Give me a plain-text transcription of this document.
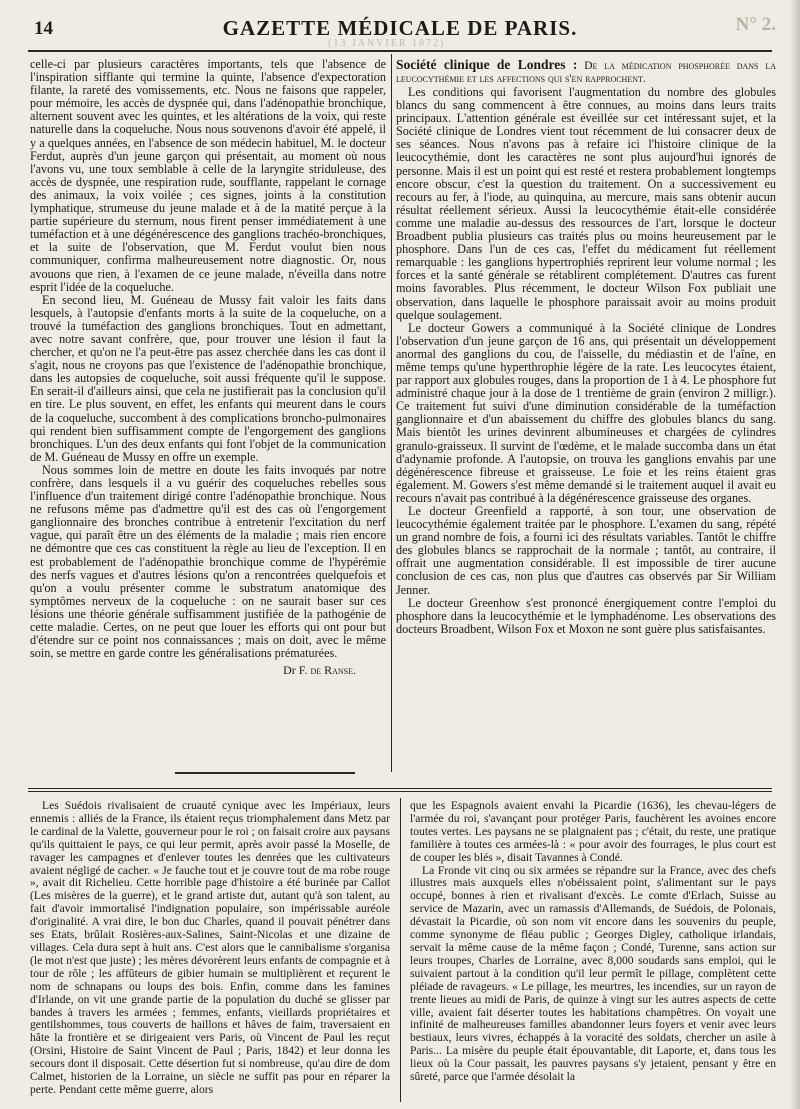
14	GAZETTE MÉDICALE DE PARIS.	N° 2.
(13 JANVIER 1872)

celle-ci par plusieurs caractères importants, tels que l'absence de l'inspiration sifflante qui termine la quinte, l'absence d'expectoration filante, la rareté des vomissements, etc. Nous ne faisons que rappeler, pour mémoire, les accès de dyspnée qui, dans l'adénopathie bronchique, alternent souvent avec les quintes, et les altérations de la voix, qui reste naturelle dans la coqueluche. Nous nous souvenons d'avoir été appelé, il y a quelques années, en l'absence de son médecin habituel, M. le docteur Ferdut, auprès d'un jeune garçon qui présentait, au moment où nous l'avons vu, une toux semblable à celle de la laryngite striduleuse, des accès de dyspnée, une respiration rude, soufflante, rappelant le cornage des animaux, la voix voilée ; ces signes, joints à la constitution lymphatique, strumeuse du jeune malade et à de la matité perçue à la partie supérieure du sternum, nous firent penser immédiatement à une tuméfaction et à une dégénérescence des ganglions trachéo-bronchiques, et la suite de l'observation, que M. Ferdut voulut bien nous communiquer, confirma malheureusement notre diagnostic. Or, nous avouons que rien, à l'examen de ce jeune malade, n'éveilla dans notre esprit l'idée de la coqueluche.

En second lieu, M. Guéneau de Mussy fait valoir les faits dans lesquels, à l'autopsie d'enfants morts à la suite de la coqueluche, on a trouvé la tuméfaction des ganglions bronchiques. Tout en admettant, avec notre savant confrère, que, pour trouver une lésion il faut la chercher, et qu'on ne l'a peut-être pas assez cherchée dans les cas dont il s'agit, nous ne croyons pas que l'existence de l'adénopathie bronchique, dans les autopsies de coqueluche, soit aussi fréquente qu'il le suppose. En serait-il d'ailleurs ainsi, que cela ne justifierait pas la conclusion qu'il en tire. Le plus souvent, en effet, les enfants qui meurent dans le cours de la coqueluche, succombent à des complications broncho-pulmonaires qui rendent bien suffisamment compte de l'engorgement des ganglions bronchiques. L'un des deux enfants qui font l'objet de la communication de M. Guéneau de Mussy en offre un exemple.

Nous sommes loin de mettre en doute les faits invoqués par notre confrère, dans lesquels il a vu guérir des coqueluches rebelles sous l'influence d'un traitement dirigé contre l'adénopathie bronchique. Nous ne refusons même pas d'admettre qu'il est des cas où l'engorgement ganglionnaire des bronches contribue à entretenir l'excitation du nerf vague, qui paraît être un des éléments de la maladie ; mais rien encore ne démontre que ces cas constituent la règle au lieu de l'exception. Il en est probablement de l'adénopathie bronchique comme de l'hypérémie des nerfs vagues et d'autres lésions qu'on a rencontrées quelquefois et qu'on a voulu présenter comme le substratum anatomique des symptômes nerveux de la coqueluche : on ne saurait baser sur ces lésions une théorie générale suffisamment justifiée de la pathogénie de cette maladie. Certes, on ne peut que louer les efforts qui ont pour but d'étendre sur ce point nos connaissances ; mais on doit, avec le même soin, se mettre en garde contre les généralisations prématurées.

Dr F. de Ranse.

Société clinique de Londres : De la médication phosphorée dans la leucocythémie et les affections qui s'en rapprochent.

Les conditions qui favorisent l'augmentation du nombre des globules blancs du sang commencent à être connues, au moins dans leurs traits principaux. L'attention générale est éveillée sur cet intéressant sujet, et la Société clinique de Londres vient tout récemment de lui consacrer deux de ses séances. Nous n'avons pas à refaire ici l'histoire clinique de la leucocythémie, dont les caractères ne sont plus aujourd'hui ignorés de personne. Mais il est un point qui est resté et restera probablement longtemps encore obscur, c'est la question du traitement. On a successivement eu recours au fer, à l'iode, au quinquina, au mercure, mais sans obtenir aucun résultat réellement sérieux. Aussi la leucocythémie était-elle considérée comme une maladie au-dessus des ressources de l'art, lorsque le docteur Broadbent publia plusieurs cas traités plus ou moins heureusement par le phosphore. Dans l'un de ces cas, l'effet du médicament fut réellement remarquable : les ganglions hypertrophiés reprirent leur volume normal ; les forces et la santé générale se rétablirent complétement. D'autres cas furent moins favorables. Plus récemment, le docteur Wilson Fox publiait une observation, dans laquelle le phosphore paraissait avoir au moins produit quelque soulagement.

Le docteur Gowers a communiqué à la Société clinique de Londres l'observation d'un jeune garçon de 16 ans, qui présentait un développement anormal des ganglions du cou, de l'aisselle, du médiastin et de l'aîne, en même temps qu'une hyperthrophie légère de la rate. Les leucocytes étaient, par rapport aux globules rouges, dans la proportion de 1 à 4. Le phosphore fut administré chaque jour à la dose de 1 trentième de grain (environ 2 milligr.). Ce traitement fut suivi d'une diminution considérable de la tuméfaction ganglionnaire et d'un abaissement du chiffre des globules blancs du sang. Mais bientôt les urines devinrent albumineuses et chargées de cylindres granulo-graisseux. Il survint de l'œdème, et le malade succomba dans un état d'adynamie profonde. A l'autopsie, on trouva les ganglions envahis par une dégénérescence fibreuse et graisseuse. Le foie et les reins étaient gras également. M. Gowers s'est même demandé si le traitement auquel il avait eu recours n'avait pas contribué à la dégénérescence graisseuse des organes.

Le docteur Greenfield a rapporté, à son tour, une observation de leucocythémie également traitée par le phosphore. L'examen du sang, répété un grand nombre de fois, a fourni ici des résultats variables. Tantôt le chiffre des globules blancs se rapprochait de la normale ; tantôt, au contraire, il offrait une augmentation considérable. Il est impossible de tirer aucune conclusion de ces cas, non plus que d'autres cas observés par Sir William Jenner.

Le docteur Greenhow s'est prononcé énergiquement contre l'emploi du phosphore dans la leucocythémie et le lymphadénome. Les observations des docteurs Broadbent, Wilson Fox et Moxon ne sont guère plus satisfaisantes.

Les Suédois rivalisaient de cruauté cynique avec les Impériaux, leurs ennemis : alliés de la France, ils étaient reçus triomphalement dans Metz par le cardinal de la Valette, gouverneur pour le roi ; on faisait croire aux paysans qu'ils quittaient le pays, ce qui leur permit, après avoir passé la Moselle, de ravager les campagnes et d'enlever toutes les denrées que les cultivateurs avaient négligé de cacher. « Je fauche tout et je couvre tout de ma robe rouge », avait dit Richelieu. Cette horrible page d'histoire a été burinée par Callot (Les misères de la guerre), et le grand artiste dut, autant qu'à son talent, au fait d'avoir immortalisé l'indignation populaire, son impérissable auréole d'originalité. A vrai dire, le bon duc Charles, quand il pouvait pénétrer dans ses Etats, brûlait Rosières-aux-Salines, Saint-Nicolas et une dizaine de villages. Cela dura sept à huit ans. C'est alors que le cannibalisme s'organisa (le mot n'est que juste) ; les mères dévorèrent leurs enfants de compagnie et à tour de rôle ; les affûteurs de gibier humain se multiplièrent et reçurent le nom de schnapans ou loups des bois. Enfin, comme dans les famines d'Irlande, on vit une grande partie de la population du duché se glisser par bandes à travers les armées ; femmes, enfants, vieillards propriétaires et gentilshommes, tous couverts de haillons et hâves de faim, traversaient en hâte la frontière et se dirigeaient vers Paris, où Vincent de Paul les reçut (Orsini, Histoire de Saint Vincent de Paul ; Paris, 1842) et leur donna les secours dont il disposait. Cette désertion fut si nombreuse, qu'au dire de dom Calmet, historien de la Lorraine, un siècle ne suffit pas pour en réparer la perte. Pendant cette même guerre, alors

que les Espagnols avaient envahi la Picardie (1636), les chevau-légers de l'armée du roi, s'avançant pour protéger Paris, fauchèrent les avoines encore toutes vertes. Les paysans ne se plaignaient pas ; c'était, du reste, une pratique familière à toutes ces armées-là : « pour avoir des fourrages, le plus court est de couper les blés », disait Tavannes à Condé.

La Fronde vit cinq ou six armées se répandre sur la France, avec des chefs illustres mais auxquels elles n'obéissaient point, s'alimentant sur le pays occupé, bonnes à rien et rivalisant d'excès. Le comte d'Erlach, Suisse au service de Mazarin, avec un ramassis d'Allemands, de Suédois, de Polonais, dévastait la Picardie, où son nom vit encore dans les souvenirs du peuple, comme synonyme de fléau public ; Georges Digley, catholique irlandais, servait la même cause de la même façon ; Condé, Turenne, sans action sur leurs troupes, Charles de Lorraine, avec 8,000 soudards sans emploi, qui le suivaient partout à la condition qu'il leur permît le pillage, complètent cette pléiade de ravageurs. « Le pillage, les meurtres, les incendies, sur un rayon de trente lieues au midi de Paris, de quinze à vingt sur les autres aspects de cette ville, avaient fait déserter toutes les habitations champêtres. On voyait une infinité de malheureuses familles abandonner leurs foyers et venir avec leurs bestiaux, leurs vivres, échappés à la voracité des soldats, chercher un asile à Paris... La misère du peuple était épouvantable, dit Laporte, et, dans tous les lieux où la Cour passait, les pauvres paysans s'y jetaient, pensant y être en sûreté, parce que l'armée désolait la
